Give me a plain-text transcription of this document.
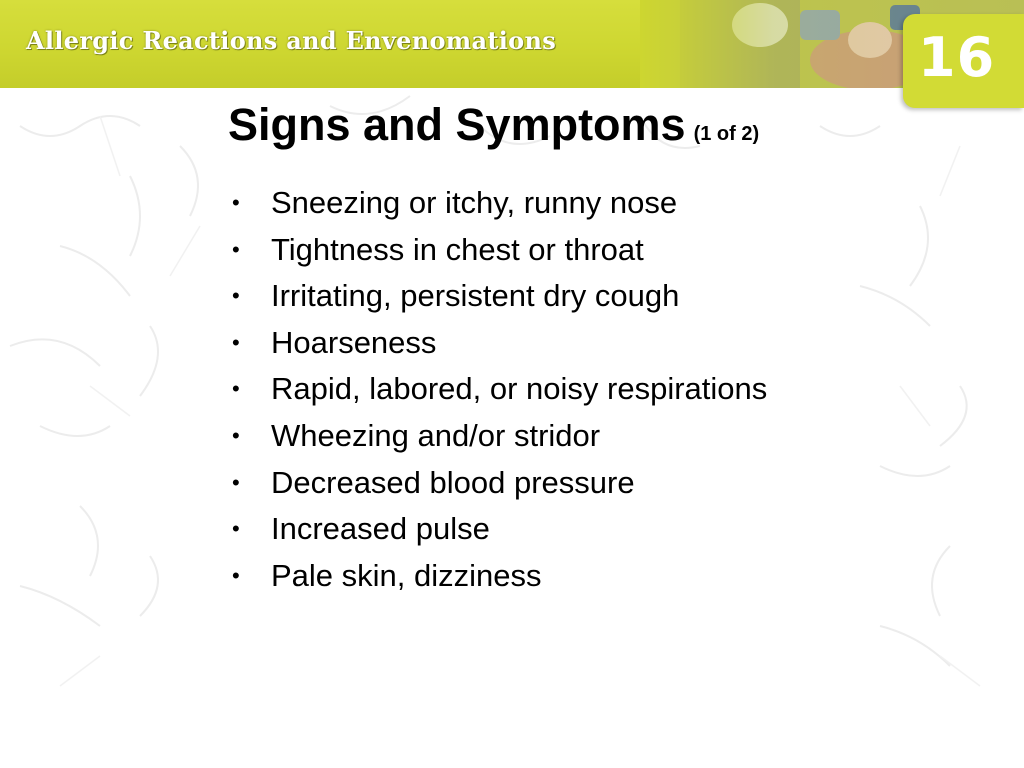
Allergic Reactions and Envenomations	16
Signs and Symptoms (1 of 2)
• Sneezing or itchy, runny nose
• Tightness in chest or throat
• Irritating, persistent dry cough
• Hoarseness
• Rapid, labored, or noisy respirations
• Wheezing and/or stridor
• Decreased blood pressure
• Increased pulse
• Pale skin, dizziness
